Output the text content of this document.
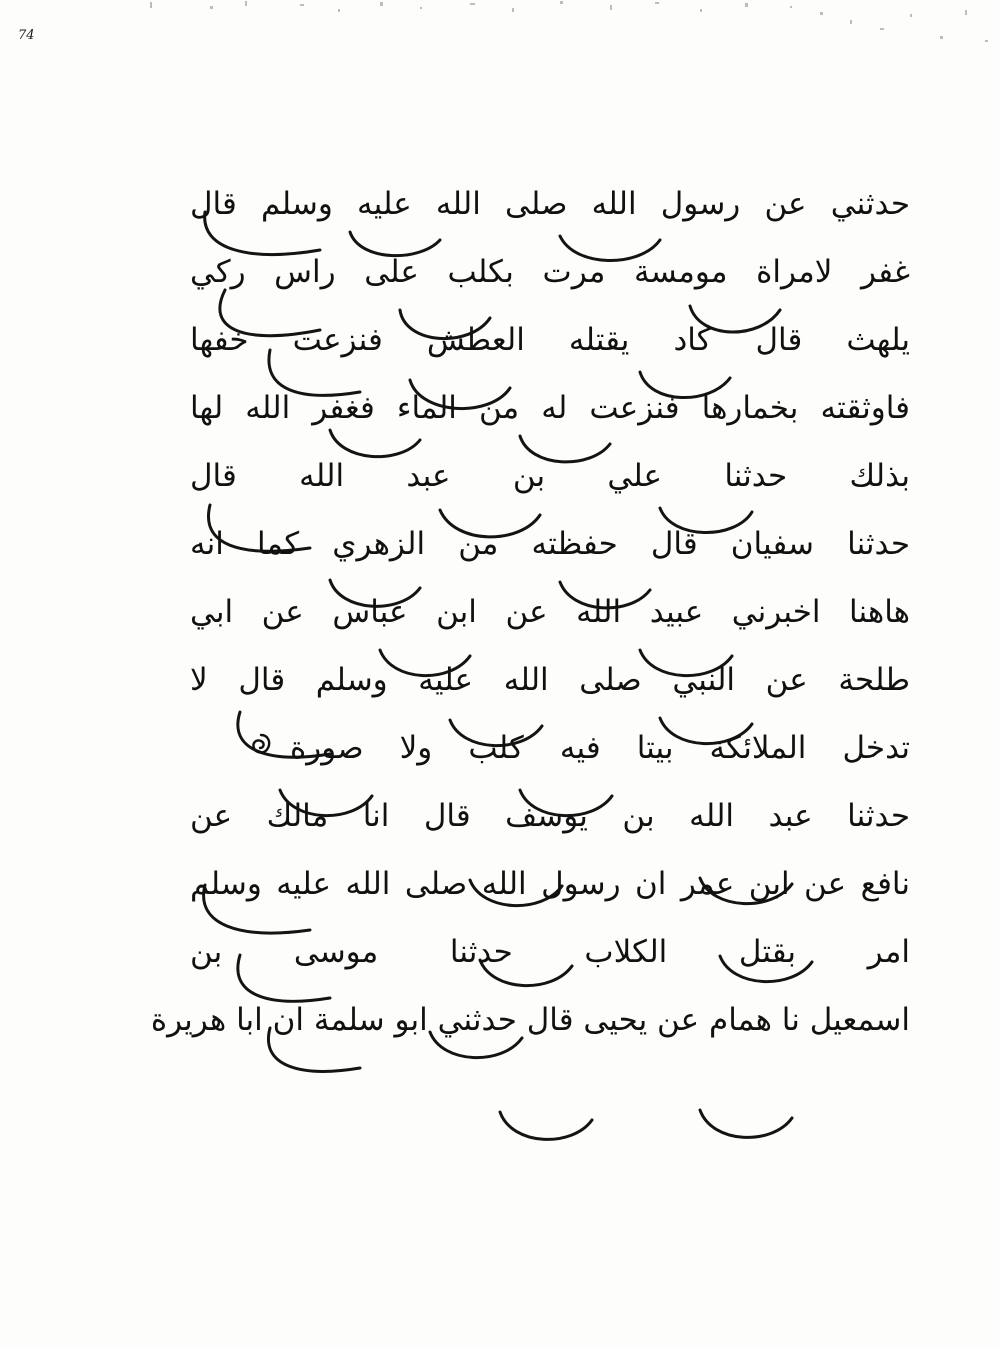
74
حدثني عن رسول الله صلى الله عليه وسلم قال
غفر لامراة مومسة مرت بكلب على راس ركي
يلهث قال كاد يقتله العطش فنزعت خفها
فاوثقته بخمارها فنزعت له من الماء فغفر الله لها
بذلك حدثنا علي بن عبد الله قال
حدثنا سفيان قال حفظته من الزهري كما انه
هاهنا اخبرني عبيد الله عن ابن عباس عن ابي
طلحة عن النبي صلى الله عليه وسلم قال لا
تدخل الملائكة بيتا فيه كلب ولا صورة
حدثنا عبد الله بن يوسف قال انا مالك عن
نافع عن ابن عمر ان رسول الله صلى الله عليه وسلم
امر بقتل الكلاب حدثنا موسى بن
اسمعيل نا همام عن يحيى قال حدثني ابو سلمة ان ابا هريرة
